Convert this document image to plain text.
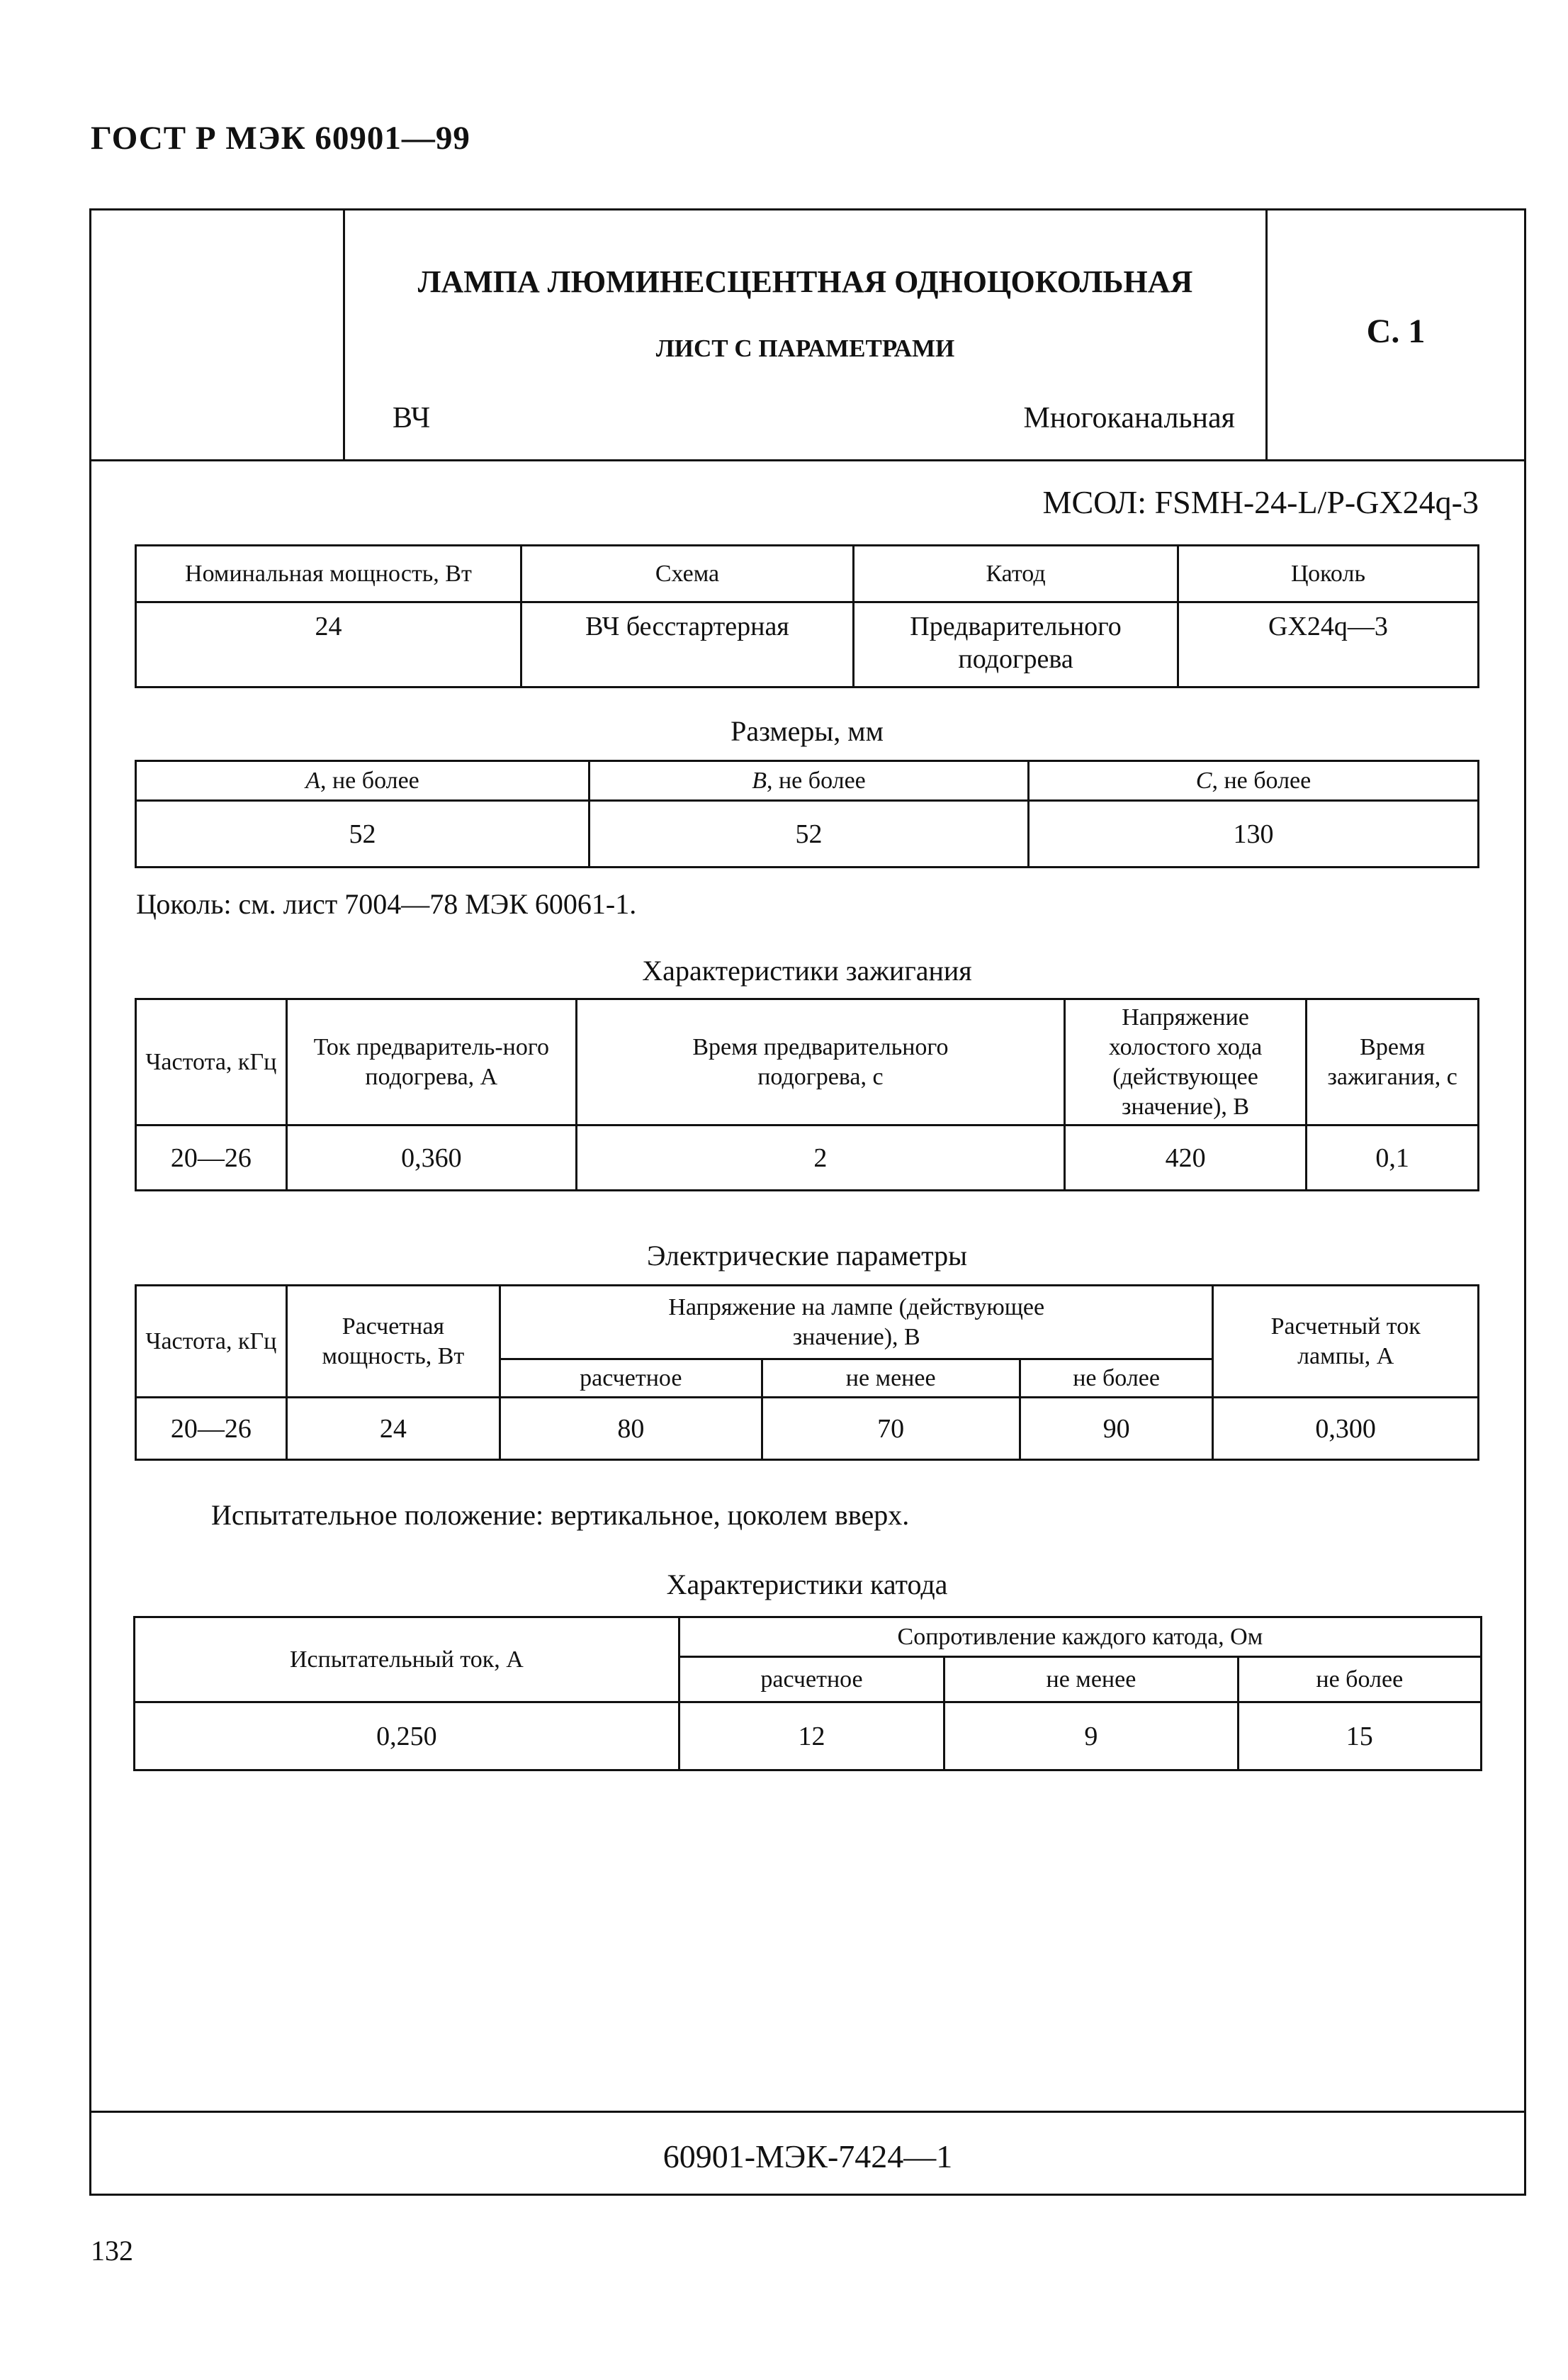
ГОСТ Р МЭК 60901—99
ЛАМПА ЛЮМИНЕСЦЕНТНАЯ ОДНОЦОКОЛЬНАЯ
ЛИСТ С ПАРАМЕТРАМИ
ВЧ	Многоканальная
С. 1
МСОЛ: FSMH-24-L/P-GX24q-3
Номинальная мощность, Вт	Схема	Катод	Цоколь
24	ВЧ бесстартерная	Предварительного подогрева	GX24q—3
Размеры, мм
A, не более	B, не более	C, не более
52	52	130
Цоколь: см. лист 7004—78 МЭК 60061-1.
Характеристики зажигания
Частота, кГц	Ток предваритель-ного подогрева, А	Время предварительного подогрева, с	Напряжение холостого хода (действующее значение), В	Время зажигания, с
20—26	0,360	2	420	0,1
Электрические параметры
Частота, кГц	Расчетная мощность, Вт	Напряжение на лампе (действующее значение), В			Расчетный ток лампы, А
		расчетное	не менее	не более	
20—26	24	80	70	90	0,300
Испытательное положение: вертикальное, цоколем вверх.
Характеристики катода
Испытательный ток, А	Сопротивление каждого катода, Ом		
	расчетное	не менее	не более
0,250	12	9	15
60901-МЭК-7424—1
132
